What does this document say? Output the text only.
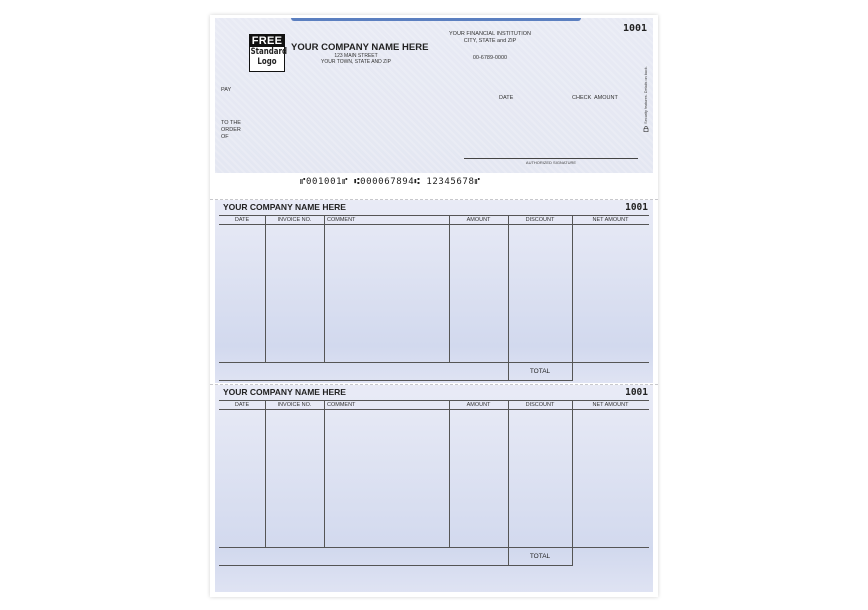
FREE
Standard
Logo
YOUR COMPANY NAME HERE
123 MAIN STREET
YOUR TOWN, STATE AND ZIP
YOUR FINANCIAL INSTITUTION
CITY, STATE and ZIP
00-6789-0000
1001
PAY
DATE	CHECK  AMOUNT
TO THE
ORDER
OF
AUTHORIZED SIGNATURE
Security features. Details on back.
⑈001001⑈ ⑆000067894⑆ 12345678⑈
YOUR COMPANY NAME HERE	1001
DATE	INVOICE NO.	COMMENT	AMOUNT	DISCOUNT	NET AMOUNT
TOTAL
YOUR COMPANY NAME HERE	1001
DATE	INVOICE NO.	COMMENT	AMOUNT	DISCOUNT	NET AMOUNT
TOTAL
